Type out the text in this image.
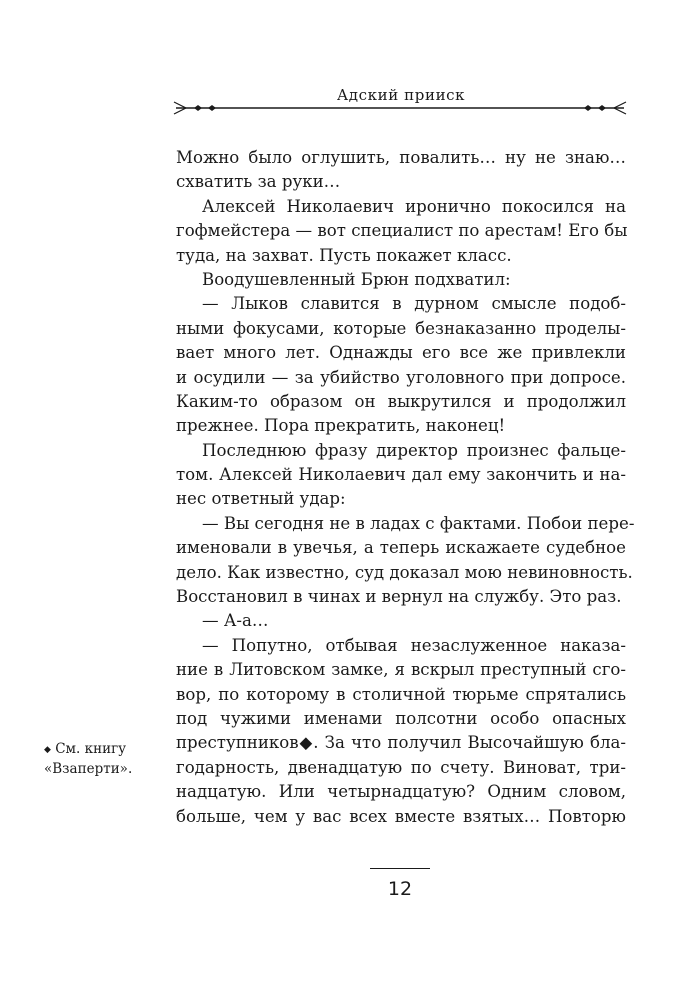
Адский прииск
Можно было оглушить, повалить… ну не знаю…
схватить за руки…
Алексей Николаевич иронично покосился на
гофмейстера — вот специалист по арестам! Его бы
туда, на захват. Пусть покажет класс.
Воодушевленный Брюн подхватил:
— Лыков славится в дурном смысле подоб-
ными фокусами, которые безнаказанно проделы-
вает много лет. Однажды его все же привлекли
и осудили — за убийство уголовного при допросе.
Каким-то образом он выкрутился и продолжил
прежнее. Пора прекратить, наконец!
Последнюю фразу директор произнес фальце-
том. Алексей Николаевич дал ему закончить и на-
нес ответный удар:
— Вы сегодня не в ладах с фактами. Побои пере-
именовали в увечья, а теперь искажаете судебное
дело. Как известно, суд доказал мою невиновность.
Восстановил в чинах и вернул на службу. Это раз.
— А-а…
— Попутно, отбывая незаслуженное наказа-
ние в Литовском замке, я вскрыл преступный сго-
вор, по которому в столичной тюрьме спрятались
под чужими именами полсотни особо опасных
преступников◆. За что получил Высочайшую бла-
годарность, двенадцатую по счету. Виноват, три-
надцатую. Или четырнадцатую? Одним словом,
больше, чем у вас всех вместе взятых… Повторю
◆ См. книгу
«Взаперти».
12
